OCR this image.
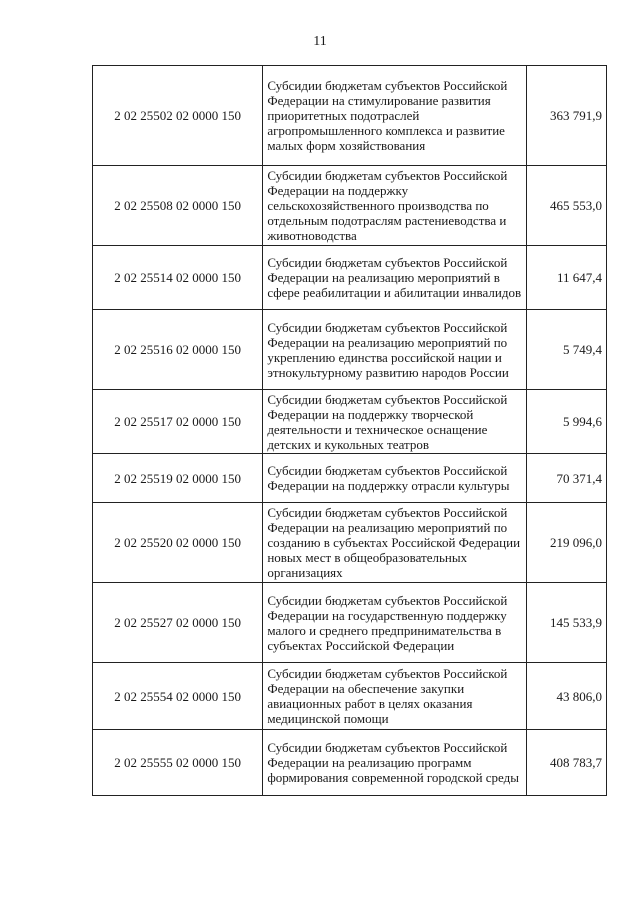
11
2 02 25502 02 0000 150	Субсидии бюджетам субъектов Российской Федерации на стимулирование развития приоритетных подотраслей агропромышленного комплекса и развитие малых форм хозяйствования	363 791,9
2 02 25508 02 0000 150	Субсидии бюджетам субъектов Российской Федерации на поддержку сельскохозяйственного производства по отдельным подотраслям растениеводства и животноводства	465 553,0
2 02 25514 02 0000 150	Субсидии бюджетам субъектов Российской Федерации на реализацию мероприятий в сфере реабилитации и абилитации инвалидов	11 647,4
2 02 25516 02 0000 150	Субсидии бюджетам субъектов Российской Федерации на реализацию мероприятий по укреплению единства российской нации и этнокультурному развитию народов России	5 749,4
2 02 25517 02 0000 150	Субсидии бюджетам субъектов Российской Федерации на поддержку творческой деятельности и техническое оснащение детских и кукольных театров	5 994,6
2 02 25519 02 0000 150	Субсидии бюджетам субъектов Российской Федерации на поддержку отрасли культуры	70 371,4
2 02 25520 02 0000 150	Субсидии бюджетам субъектов Российской Федерации на реализацию мероприятий по созданию в субъектах Российской Федерации новых мест в общеобразовательных организациях	219 096,0
2 02 25527 02 0000 150	Субсидии бюджетам субъектов Российской Федерации на государственную поддержку малого и среднего предпринимательства в субъектах Российской Федерации	145 533,9
2 02 25554 02 0000 150	Субсидии бюджетам субъектов Российской Федерации на обеспечение закупки авиационных работ в целях оказания медицинской помощи	43 806,0
2 02 25555 02 0000 150	Субсидии бюджетам субъектов Российской Федерации на реализацию программ формирования современной городской среды	408 783,7
